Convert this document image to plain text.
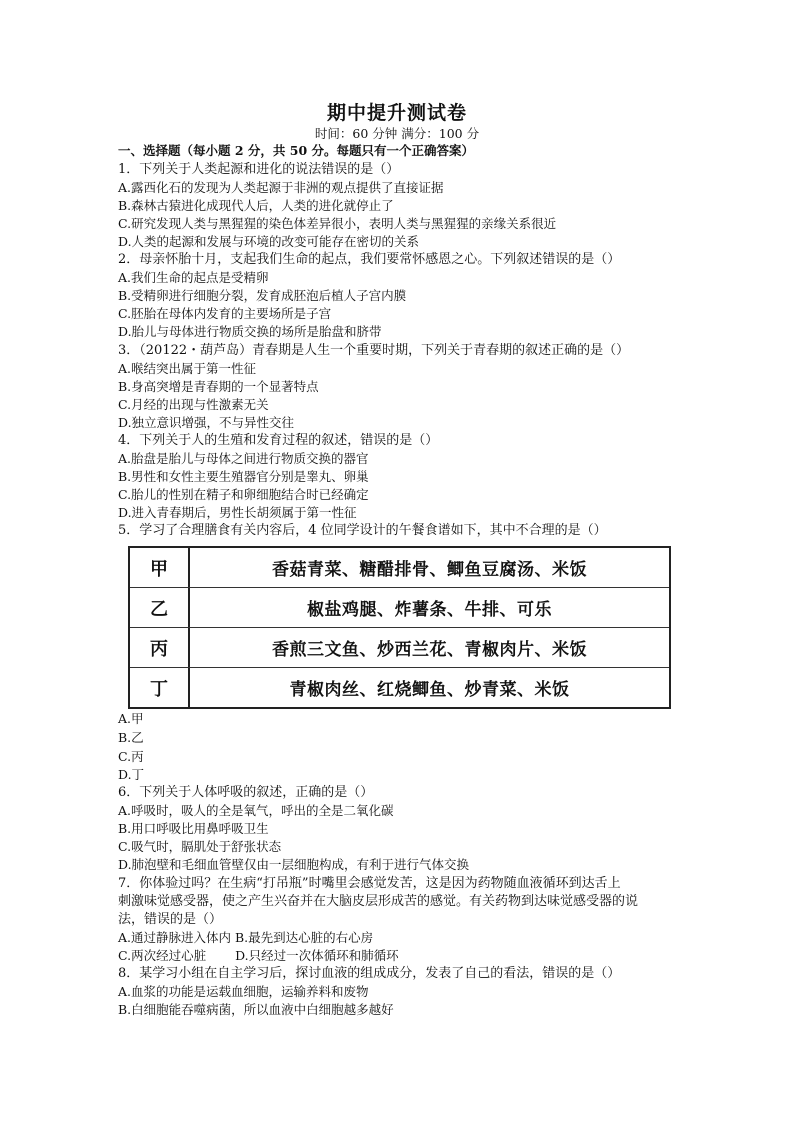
期中提升测试卷
时间：60 分钟 满分：100 分
一、选择题（每小题 2 分，共 50 分。每题只有一个正确答案）
1．下列关于人类起源和进化的说法错误的是（）
A.露西化石的发现为人类起源于非洲的观点提供了直接证据
B.森林古猿进化成现代人后，人类的进化就停止了
C.研究发现人类与黑猩猩的染色体差异很小，表明人类与黑猩猩的亲缘关系很近
D.人类的起源和发展与环境的改变可能存在密切的关系
2．母亲怀胎十月，支起我们生命的起点，我们要常怀感恩之心。下列叙述错误的是（）
A.我们生命的起点是受精卵
B.受精卵进行细胞分裂，发育成胚泡后植人子宫内膜
C.胚胎在母体内发育的主要场所是子宫
D.胎儿与母体进行物质交换的场所是胎盘和脐带
3．（20122・葫芦岛）青春期是人生一个重要时期，下列关于青春期的叙述正确的是（）
A.喉结突出属于第一性征
B.身高突增是青春期的一个显著特点
C.月经的出现与性激素无关
D.独立意识增强，不与异性交往
4．下列关于人的生殖和发育过程的叙述，错误的是（）
A.胎盘是胎儿与母体之间进行物质交换的器官
B.男性和女性主要生殖器官分别是睾丸、卵巢
C.胎儿的性别在精子和卵细胞结合时已经确定
D.进入青春期后，男性长胡须属于第一性征
5．学习了合理膳食有关内容后，4 位同学设计的午餐食谱如下，其中不合理的是（）
甲	香菇青菜、糖醋排骨、鲫鱼豆腐汤、米饭
乙	椒盐鸡腿、炸薯条、牛排、可乐
丙	香煎三文鱼、炒西兰花、青椒肉片、米饭
丁	青椒肉丝、红烧鲫鱼、炒青菜、米饭
A.甲
B.乙
C.丙
D.丁
6．下列关于人体呼吸的叙述，正确的是（）
A.呼吸时，吸人的全是氧气，呼出的全是二氧化碳
B.用口呼吸比用鼻呼吸卫生
C.吸气时，膈肌处于舒张状态
D.肺泡壁和毛细血管壁仅由一层细胞构成，有利于进行气体交换
7．你体验过吗？在生病“打吊瓶”时嘴里会感觉发苦，这是因为药物随血液循环到达舌上
刺激味觉感受器，使之产生兴奋并在大脑皮层形成苦的感觉。有关药物到达味觉感受器的说
法，错误的是（）
A.通过静脉进入体内 B.最先到达心脏的右心房
C.两次经过心脏　　 D.只经过一次体循环和肺循环
8．某学习小组在自主学习后，探讨血液的组成成分，发表了自己的看法，错误的是（）
A.血浆的功能是运载血细胞，运输养料和废物
B.白细胞能吞噬病菌，所以血液中白细胞越多越好
